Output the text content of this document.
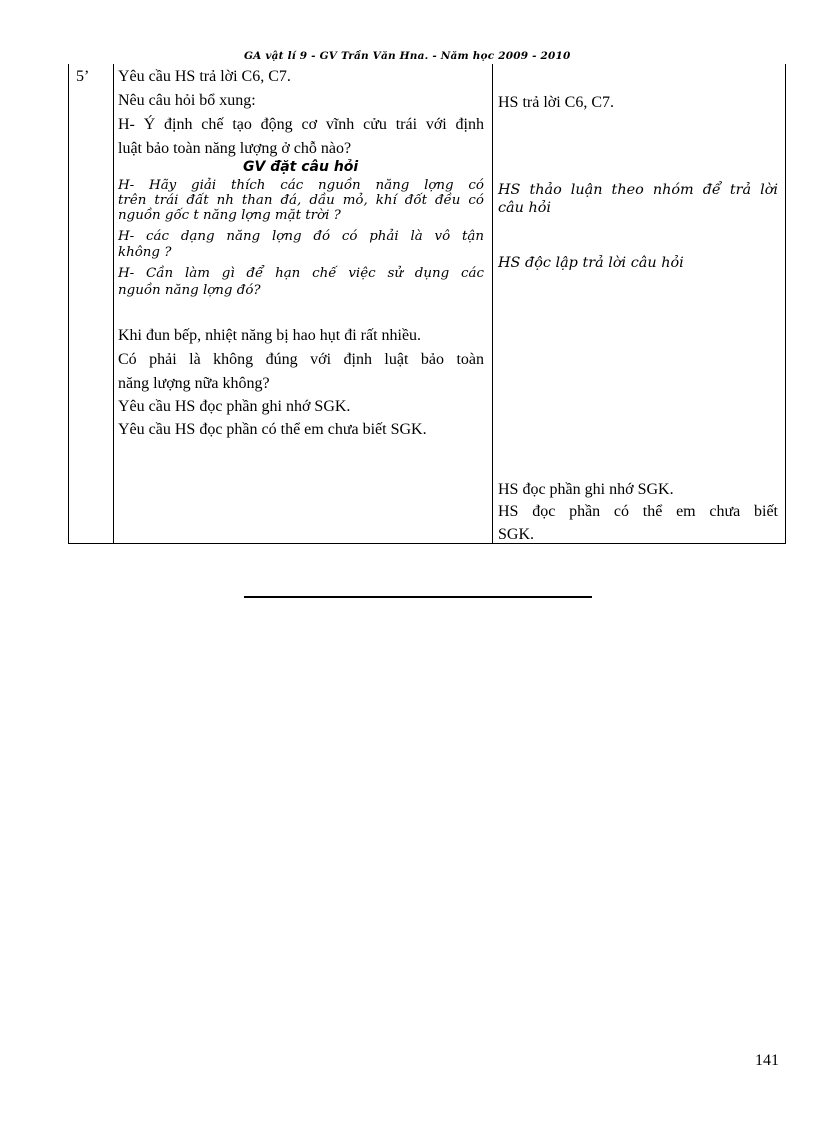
GA vật lí 9 - GV Trần Văn Hna. - Năm học 2009 - 2010
5’ Yêu cầu HS trả lời C6, C7.
Nêu câu hỏi bổ xung:
H- Ý định chế tạo động cơ vĩnh cửu trái với định
luật bảo toàn năng lượng ở chỗ nào?
GV đặt câu hỏi
H- Hãy giải thích các nguồn năng lợng có
trên trái đất nh than đá, dầu mỏ, khí đốt đều có
nguồn gốc t năng lợng mặt trời ?
H- các dạng năng lợng đó có phải là vô tận
không ?
H- Cần làm gì để hạn chế việc sử dụng các
nguồn năng lợng đó?
Khi đun bếp, nhiệt năng bị hao hụt đi rất nhiều.
Có phải là không đúng với định luật bảo toàn
năng lượng nữa không?
Yêu cầu HS đọc phần ghi nhớ SGK.
Yêu cầu HS đọc phần có thể em chưa biết SGK.
HS trả lời C6, C7.
HS thảo luận theo nhóm để trả lời
câu hỏi
HS độc lập trả lời câu hỏi
HS đọc phần ghi nhớ SGK.
HS đọc phần có thể em chưa biết
SGK.
141
